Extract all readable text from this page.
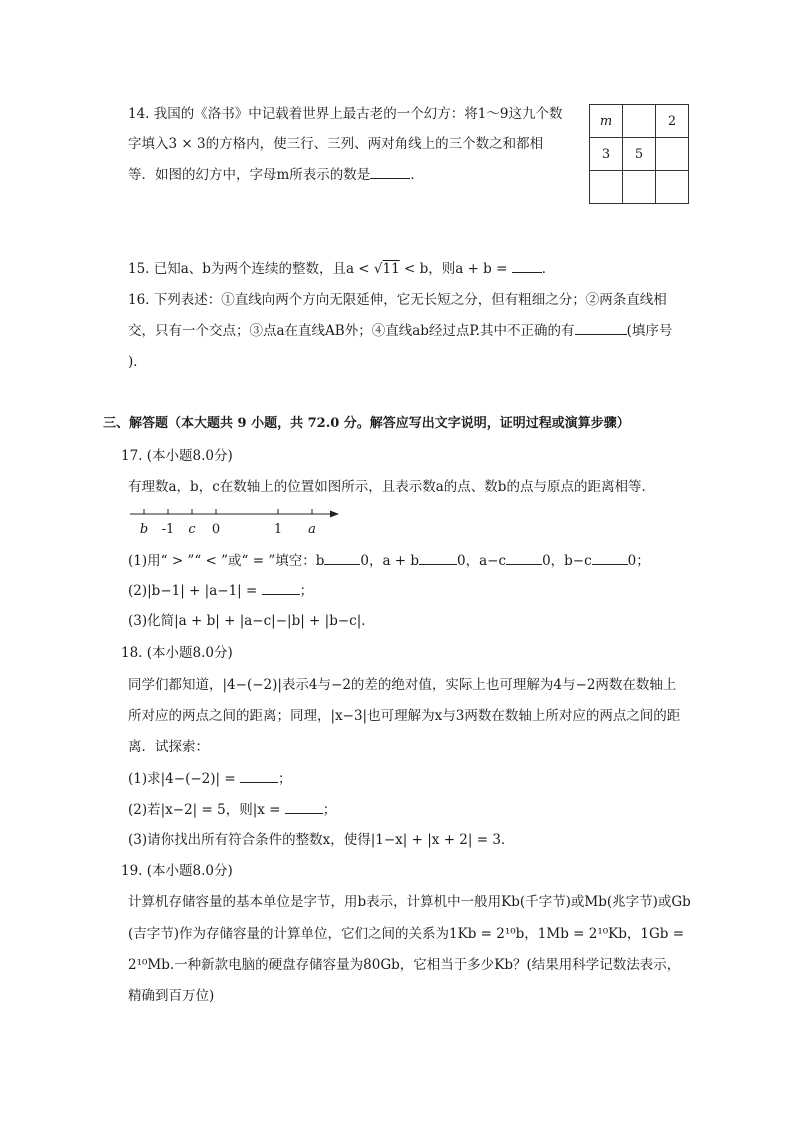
14. 我国的《洛书》中记载着世界上最古老的一个幻方：将1～9这九个数
字填入3 × 3的方格内，使三行、三列、两对角线上的三个数之和都相
等．如图的幻方中，字母m所表示的数是	．
m		2
3	5	

15. 已知a、b为两个连续的整数，且a < √11 < b，则a + b = ．
16. 下列表述：①直线向两个方向无限延伸，它无长短之分，但有粗细之分；②两条直线相
交，只有一个交点；③点a在直线AB外；④直线ab经过点P.其中不正确的有	(填序号
)．
三、解答题（本大题共 9 小题，共 72.0 分。解答应写出文字说明，证明过程或演算步骤）
17. (本小题8.0分)
有理数a，b，c在数轴上的位置如图所示，且表示数a的点、数b的点与原点的距离相等．
b -1 c 0	1 a
(1)用“ > ”“ < ”或“ = ”填空：b	0，a + b	0，a−c	0，b−c	0；
(2)|b−1| + |a−1| =	；
(3)化简|a + b| + |a−c|−|b| + |b−c|．
18. (本小题8.0分)
同学们都知道，|4−(−2)|表示4与−2的差的绝对值，实际上也可理解为4与−2两数在数轴上
所对应的两点之间的距离；同理，|x−3|也可理解为x与3两数在数轴上所对应的两点之间的距
离．试探索：
(1)求|4−(−2)| =	；
(2)若|x−2| = 5，则|x =	；
(3)请你找出所有符合条件的整数x，使得|1−x| + |x + 2| = 3．
19. (本小题8.0分)
计算机存储容量的基本单位是字节，用b表示，计算机中一般用Kb(千字节)或Mb(兆字节)或Gb
(吉字节)作为存储容量的计算单位，它们之间的关系为1Kb = 2¹⁰b，1Mb = 2¹⁰Kb，1Gb =
2¹⁰Mb.一种新款电脑的硬盘存储容量为80Gb，它相当于多少Kb？(结果用科学记数法表示，
精确到百万位)
